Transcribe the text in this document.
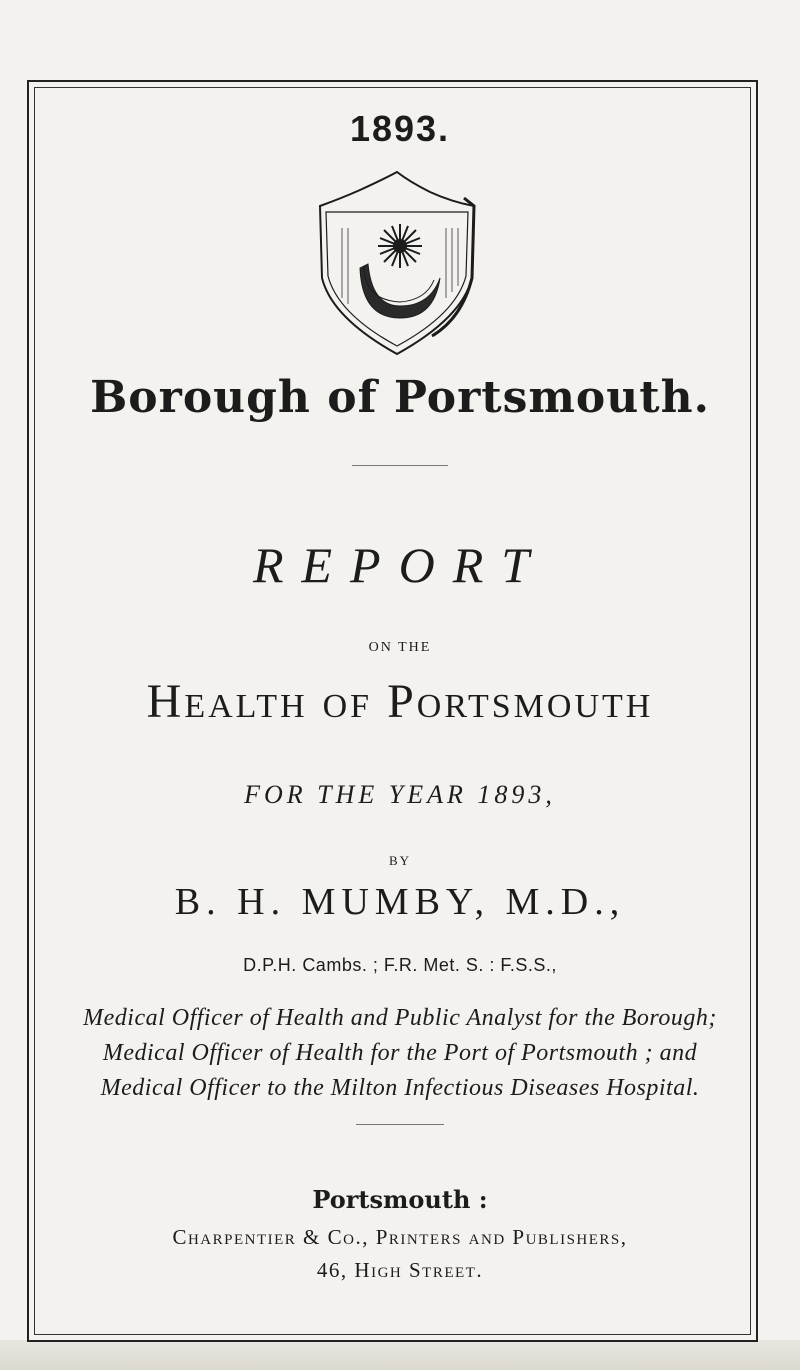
1893.
Borough of Portsmouth.
REPORT
ON THE
Health of Portsmouth
FOR THE YEAR 1893,
BY
B. H. MUMBY, M.D.,
D.P.H. Cambs. ; F.R. Met. S. : F.S.S.,
Medical Officer of Health and Public Analyst for the Borough;
Medical Officer of Health for the Port of Portsmouth ; and
Medical Officer to the Milton Infectious Diseases Hospital.
Portsmouth :
Charpentier & Co., Printers and Publishers,
46, High Street.
